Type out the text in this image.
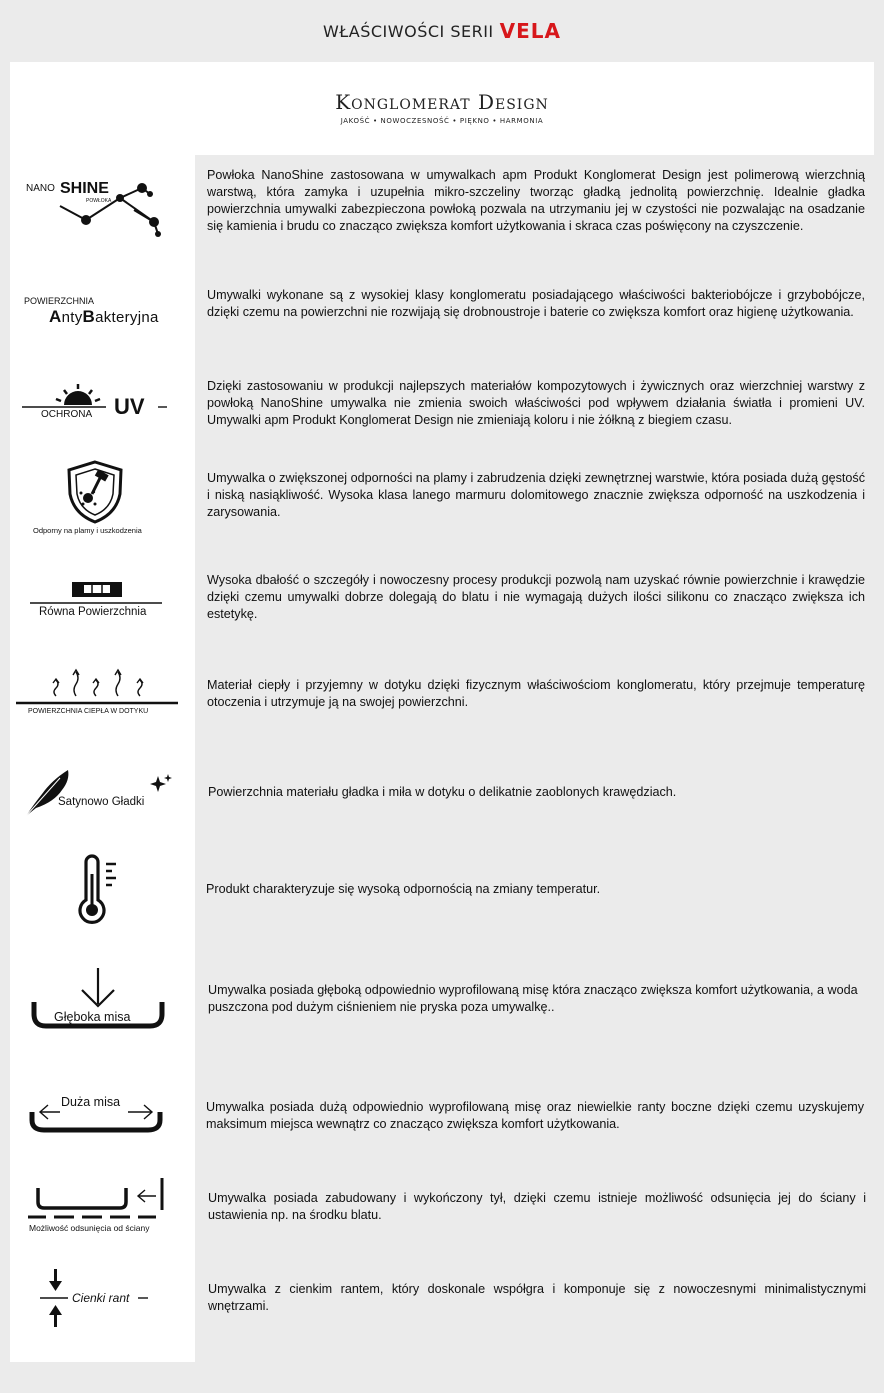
WŁAŚCIWOŚCI SERII VELA
Konglomerat Design
JAKOŚĆ • NOWOCZESNOŚĆ • PIĘKNO • HARMONIA
NANO SHINE
POWŁOKA
Powłoka NanoShine zastosowana w umywalkach apm Produkt Konglomerat Design jest polimerową wierzchnią warstwą, która zamyka i uzupełnia mikro-szczeliny tworząc gładką jednolitą powierzchnię. Idealnie gładka powierzchnia umywalki zabezpieczona powłoką pozwala na utrzymaniu jej w czystości nie pozwalając na osadzanie się kamienia i brudu co znacząco zwiększa komfort użytkowania i skraca czas poświęcony na czyszczenie.
POWIERZCHNIA
AntyBakteryjna
Umywalki wykonane są z wysokiej klasy konglomeratu posiadającego właściwości bakteriobójcze i grzybobójcze, dzięki czemu na powierzchni nie rozwijają się drobnoustroje i baterie co zwiększa komfort oraz higienę użytkowania.
OCHRONA UV
Dzięki zastosowaniu w produkcji najlepszych materiałów kompozytowych i żywicznych oraz wierzchniej warstwy z powłoką NanoShine umywalka nie zmienia swoich właściwości pod wpływem działania światła i promieni UV. Umywalki apm Produkt Konglomerat Design nie zmieniają koloru i nie żółkną z biegiem czasu.
Odporny na plamy i uszkodzenia
Umywalka o zwiększonej odporności na plamy i zabrudzenia dzięki zewnętrznej warstwie, która posiada dużą gęstość i niską nasiąkliwość. Wysoka klasa lanego marmuru dolomitowego znacznie zwiększa odporność na uszkodzenia i zarysowania.
Równa Powierzchnia
Wysoka dbałość o szczegóły i nowoczesny procesy produkcji pozwolą nam uzyskać równie powierzchnie i krawędzie dzięki czemu umywalki dobrze dolegają do blatu i nie wymagają dużych ilości silikonu co znacząco zwiększa ich estetykę.
POWIERZCHNIA CIEPŁA W DOTYKU
Materiał ciepły i przyjemny w dotyku dzięki fizycznym właściwościom konglomeratu, który przejmuje temperaturę otoczenia i utrzymuje ją na swojej powierzchni.
Satynowo Gładki
Powierzchnia materiału gładka i miła w dotyku o delikatnie zaoblonych krawędziach.
Produkt charakteryzuje się wysoką odpornością na zmiany temperatur.
Głęboka misa
Umywalka posiada głęboką odpowiednio wyprofilowaną misę która znacząco zwiększa komfort użytkowania, a woda puszczona pod dużym ciśnieniem nie pryska poza umywalkę..
Duża misa	Umywalka posiada dużą odpowiednio wyprofilowaną misę oraz niewielkie ranty boczne dzięki czemu uzyskujemy maksimum miejsca wewnątrz co znacząco zwiększa komfort użytkowania.
Możliwość odsunięcia od ściany
Umywalka posiada zabudowany i wykończony tył, dzięki czemu istnieje możliwość odsunięcia jej do ściany i ustawienia np. na środku blatu.
Cienki rant
Umywalka z cienkim rantem, który doskonale współgra i komponuje się z nowoczesnymi minimalistycznymi wnętrzami.
